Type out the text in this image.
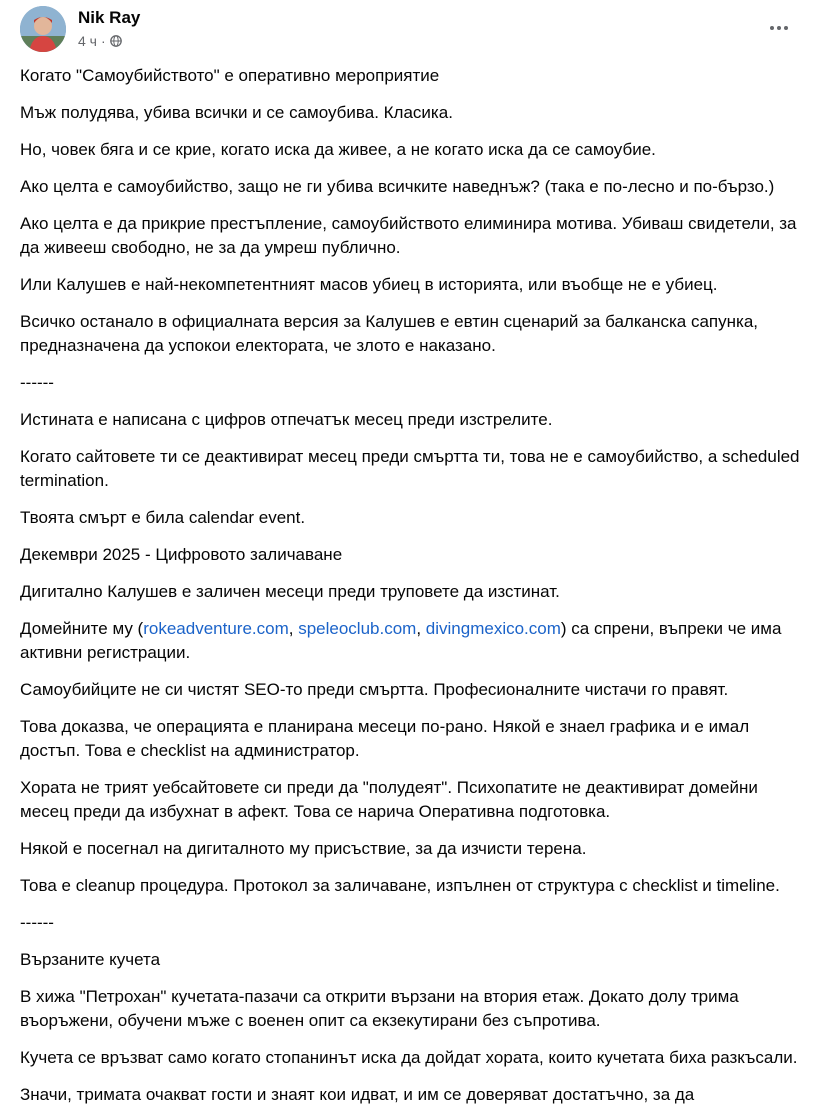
Nik Ray
4 ч ·

Когато "Самоубийството" е оперативно мероприятие

Мъж полудява, убива всички и се самоубива. Класика.

Но, човек бяга и се крие, когато иска да живее, а не когато иска да се самоубие.

Ако целта е самоубийство, защо не ги убива всичките наведнъж? (така е по-лесно и по-бързо.)

Ако целта е да прикрие престъпление, самоубийството елиминира мотива. Убиваш свидетели, за да живееш свободно, не за да умреш публично.

Или Калушев е най-некомпетентният масов убиец в историята, или въобще не е убиец.

Всичко останало в официалната версия за Калушев е евтин сценарий за балканска сапунка, предназначена да успокои електората, че злото е наказано.

------

Истината е написана с цифров отпечатък месец преди изстрелите.

Когато сайтовете ти се деактивират месец преди смъртта ти, това не е самоубийство, а scheduled termination.

Твоята смърт е била calendar event.

Декември 2025 - Цифровото заличаване

Дигитално Калушев е заличен месеци преди труповете да изстинат.

Домейните му (rokeadventure.com, speleoclub.com, divingmexico.com) са спрени, въпреки че има активни регистрации.

Самоубийците не си чистят SEO-то преди смъртта. Професионалните чистачи го правят.

Това доказва, че операцията е планирана месеци по-рано. Някой е знаел графика и е имал достъп. Това е checklist на администратор.

Хората не трият уебсайтовете си преди да "полудеят". Психопатите не деактивират домейни месец преди да избухнат в афект. Това се нарича Оперативна подготовка.

Някой е посегнал на дигиталното му присъствие, за да изчисти терена.

Това е cleanup процедура. Протокол за заличаване, изпълнен от структура с checklist и timeline.

------

Вързаните кучета

В хижа "Петрохан" кучетата-пазачи са открити вързани на втория етаж. Докато долу трима въоръжени, обучени мъже с военен опит са екзекутирани без съпротива.

Кучета се връзват само когато стопанинът иска да дойдат хората, които кучетата биха разкъсали.

Значи, тримата очакват гости и знаят кои идват, и им се доверяват достатъчно, за да
